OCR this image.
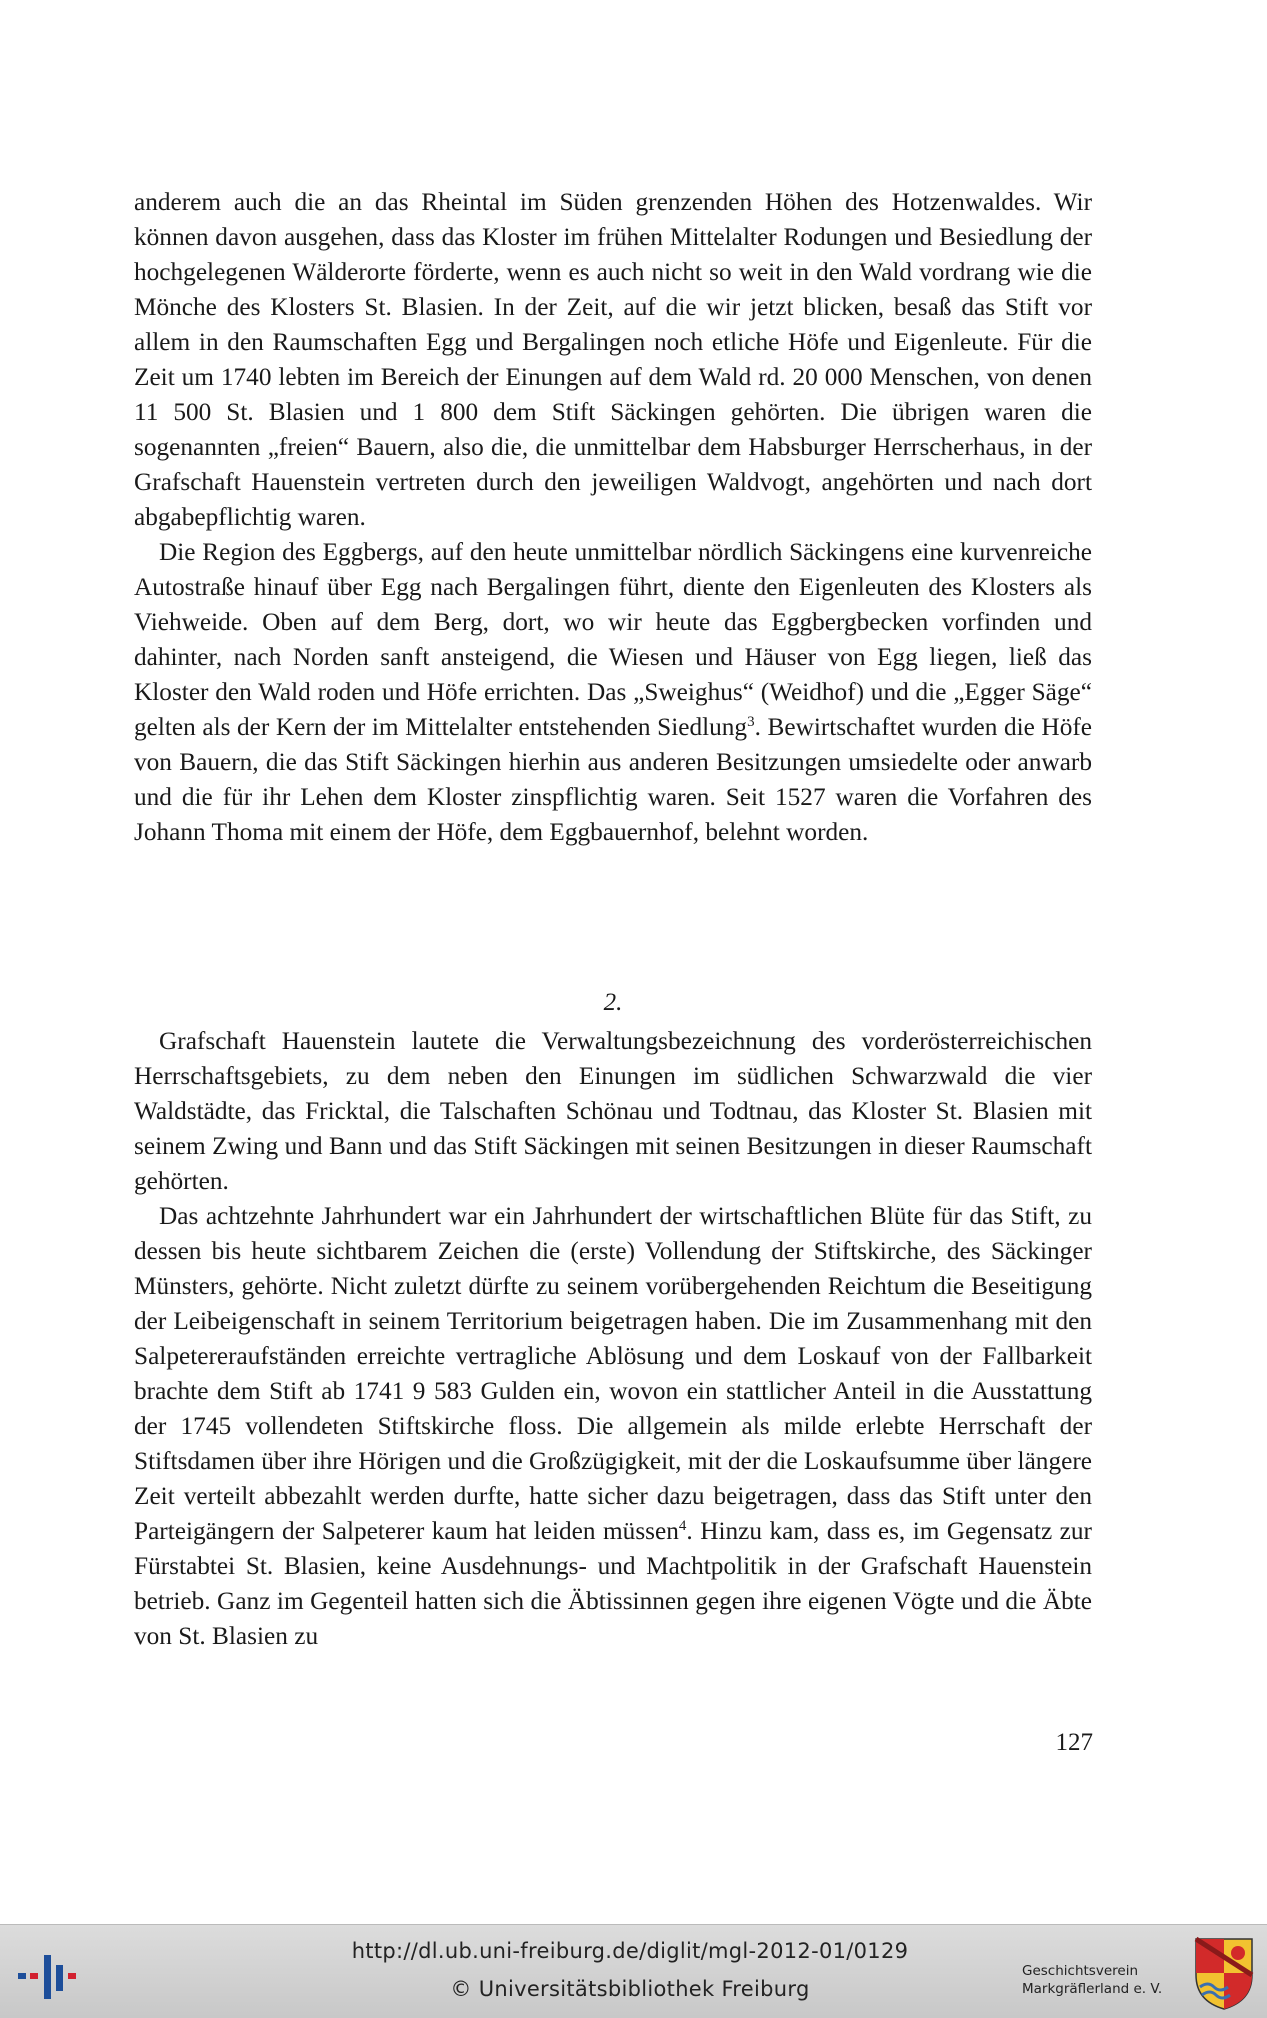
anderem auch die an das Rheintal im Süden grenzenden Höhen des Hotzenwaldes. Wir können davon ausgehen, dass das Kloster im frühen Mittelalter Rodungen und Besiedlung der hochgelegenen Wälderorte förderte, wenn es auch nicht so weit in den Wald vordrang wie die Mönche des Klosters St. Blasien. In der Zeit, auf die wir jetzt blicken, besaß das Stift vor allem in den Raumschaften Egg und Bergalingen noch etliche Höfe und Eigenleute. Für die Zeit um 1740 lebten im Bereich der Einungen auf dem Wald rd. 20 000 Menschen, von denen 11 500 St. Blasien und 1 800 dem Stift Säckingen gehörten. Die übrigen waren die sogenannten „freien“ Bauern, also die, die unmittelbar dem Habsburger Herrscherhaus, in der Grafschaft Hauenstein vertreten durch den jeweiligen Waldvogt, angehörten und nach dort abgabepflichtig waren.

Die Region des Eggbergs, auf den heute unmittelbar nördlich Säckingens eine kurvenreiche Autostraße hinauf über Egg nach Bergalingen führt, diente den Eigenleuten des Klosters als Viehweide. Oben auf dem Berg, dort, wo wir heute das Eggbergbecken vorfinden und dahinter, nach Norden sanft ansteigend, die Wiesen und Häuser von Egg liegen, ließ das Kloster den Wald roden und Höfe errichten. Das „Sweighus“ (Weidhof) und die „Egger Säge“ gelten als der Kern der im Mittelalter entstehenden Siedlung$^3$. Bewirtschaftet wurden die Höfe von Bauern, die das Stift Säckingen hierhin aus anderen Besitzungen umsiedelte oder anwarb und die für ihr Lehen dem Kloster zinspflichtig waren. Seit 1527 waren die Vorfahren des Johann Thoma mit einem der Höfe, dem Eggbauernhof, belehnt worden.

2.

Grafschaft Hauenstein lautete die Verwaltungsbezeichnung des vorderösterreichischen Herrschaftsgebiets, zu dem neben den Einungen im südlichen Schwarzwald die vier Waldstädte, das Fricktal, die Talschaften Schönau und Todtnau, das Kloster St. Blasien mit seinem Zwing und Bann und das Stift Säckingen mit seinen Besitzungen in dieser Raumschaft gehörten.

Das achtzehnte Jahrhundert war ein Jahrhundert der wirtschaftlichen Blüte für das Stift, zu dessen bis heute sichtbarem Zeichen die (erste) Vollendung der Stiftskirche, des Säckinger Münsters, gehörte. Nicht zuletzt dürfte zu seinem vorübergehenden Reichtum die Beseitigung der Leibeigenschaft in seinem Territorium beigetragen haben. Die im Zusammenhang mit den Salpetereraufständen erreichte vertragliche Ablösung und dem Loskauf von der Fallbarkeit brachte dem Stift ab 1741 9 583 Gulden ein, wovon ein stattlicher Anteil in die Ausstattung der 1745 vollendeten Stiftskirche floss. Die allgemein als milde erlebte Herrschaft der Stiftsdamen über ihre Hörigen und die Großzügigkeit, mit der die Loskaufsumme über längere Zeit verteilt abbezahlt werden durfte, hatte sicher dazu beigetragen, dass das Stift unter den Parteigängern der Salpeterer kaum hat leiden müssen$^4$. Hinzu kam, dass es, im Gegensatz zur Fürstabtei St. Blasien, keine Ausdehnungs- und Machtpolitik in der Grafschaft Hauenstein betrieb. Ganz im Gegenteil hatten sich die Äbtissinnen gegen ihre eigenen Vögte und die Äbte von St. Blasien zu

127
http://dl.ub.uni-freiburg.de/diglit/mgl-2012-01/0129
© Universitätsbibliothek Freiburg
Geschichtsverein
Markgräflerland e. V.
